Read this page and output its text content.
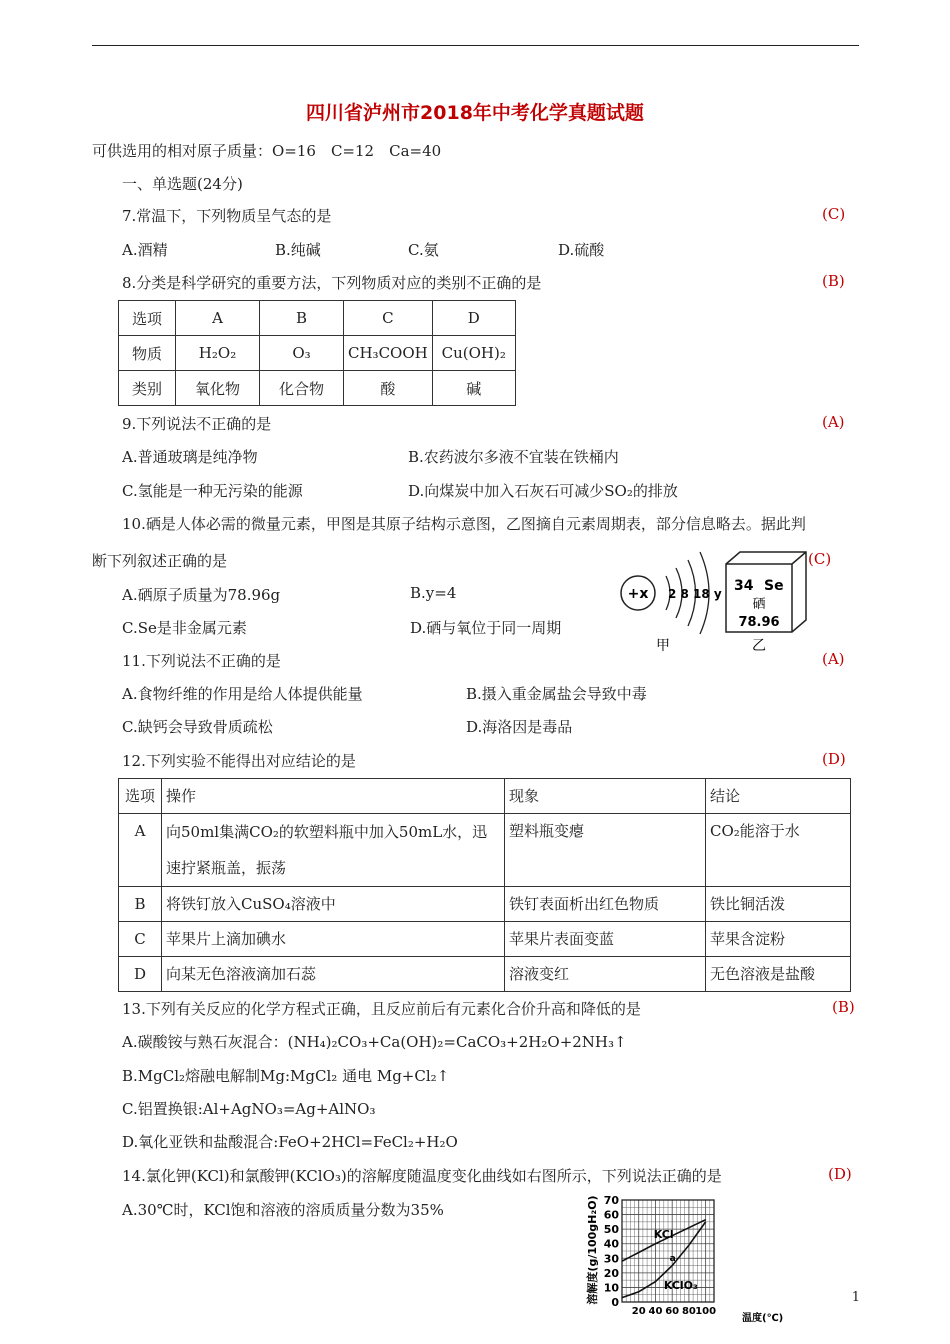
四川省泸州市2018年中考化学真题试题
可供选用的相对原子质量：O=16　C=12　Ca=40
一、单选题(24分)
7.常温下，下列物质呈气态的是	(C)
A.酒精	B.纯碱	C.氨	D.硫酸
8.分类是科学研究的重要方法，下列物质对应的类别不正确的是	(B)
选项	A	B	C	D
物质	H₂O₂	O₃	CH₃COOH	Cu(OH)₂
类别	氧化物	化合物	酸	碱
9.下列说法不正确的是	(A)
A.普通玻璃是纯净物	B.农药波尔多液不宜装在铁桶内
C.氢能是一种无污染的能源	D.向煤炭中加入石灰石可减少SO₂的排放
10.硒是人体必需的微量元素，甲图是其原子结构示意图，乙图摘自元素周期表，部分信息略去。据此判
断下列叙述正确的是	(C)
A.硒原子质量为78.96g	B.y=4
C.Se是非金属元素	D.硒与氧位于同一周期
+x 2 8 18 y
甲
34 Se
硒
78.96
乙
11.下列说法不正确的是	(A)
A.食物纤维的作用是给人体提供能量	B.摄入重金属盐会导致中毒
C.缺钙会导致骨质疏松	D.海洛因是毒品
12.下列实验不能得出对应结论的是	(D)
选项	操作	现象	结论
A	向50ml集满CO₂的软塑料瓶中加入50mL水，迅速拧紧瓶盖，振荡	塑料瓶变瘪	CO₂能溶于水
B	将铁钉放入CuSO₄溶液中	铁钉表面析出红色物质	铁比铜活泼
C	苹果片上滴加碘水	苹果片表面变蓝	苹果含淀粉
D	向某无色溶液滴加石蕊	溶液变红	无色溶液是盐酸
13.下列有关反应的化学方程式正确，且反应前后有元素化合价升高和降低的是	(B)
A.碳酸铵与熟石灰混合：(NH₄)₂CO₃+Ca(OH)₂=CaCO₃+2H₂O+2NH₃↑
B.MgCl₂熔融电解制Mg:MgCl₂ 通电 Mg+Cl₂↑
C.铝置换银:Al+AgNO₃=Ag+AlNO₃
D.氧化亚铁和盐酸混合:FeO+2HCl=FeCl₂+H₂O
14.氯化钾(KCl)和氯酸钾(KClO₃)的溶解度随温度变化曲线如右图所示，下列说法正确的是	(D)
A.30℃时，KCl饱和溶液的溶质质量分数为35%	溶解度(g/100gH₂O)
温度(℃)
0
10
20
30
40
50
60
70
20 40 60 80 100
KCl
a
KClO₃
1
